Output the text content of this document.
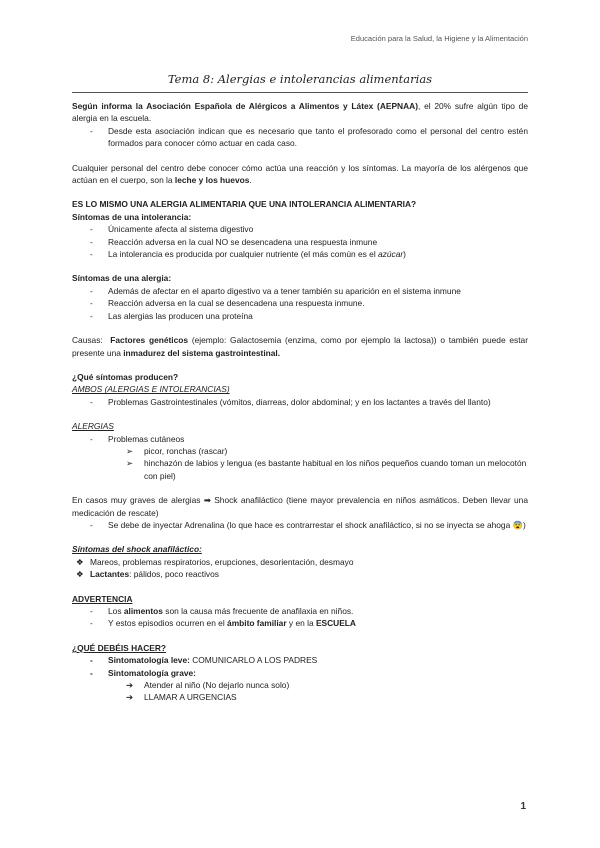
Educación para la Salud, la Higiene y la Alimentación
Tema 8: Alergias e intolerancias alimentarias

Según informa la Asociación Española de Alérgicos a Alimentos y Látex (AEPNAA), el 20% sufre algún tipo de alergia en la escuela.

-	Desde esta asociación indican que es necesario que tanto el profesorado como el personal del centro estén formados para conocer cómo actuar en cada caso.

Cualquier personal del centro debe conocer cómo actúa una reacción y los síntomas. La mayoría de los alérgenos que actúan en el cuerpo, son la leche y los huevos.

ES LO MISMO UNA ALERGIA ALIMENTARIA QUE UNA INTOLERANCIA ALIMENTARIA?

Síntomas de una intolerancia:

-	Únicamente afecta al sistema digestivo
-	Reacción adversa en la cual NO se desencadena una respuesta inmune
-	La intolerancia es producida por cualquier nutriente (el más común es el azúcar)

Síntomas de una alergia:

-	Además de afectar en el aparto digestivo va a tener también su aparición en el sistema inmune
-	Reacción adversa en la cual se desencadena una respuesta inmune.
-	Las alergias las producen una proteína

Causas: Factores genéticos (ejemplo: Galactosemia (enzima, como por ejemplo la lactosa)) o también puede estar presente una inmadurez del sistema gastrointestinal.

¿Qué síntomas producen?

AMBOS (ALERGIAS E INTOLERANCIAS)

-	Problemas Gastrointestinales (vómitos, diarreas, dolor abdominal; y en los lactantes a través del llanto)

ALERGIAS

-	Problemas cutáneos
➢	picor, ronchas (rascar)
➢	hinchazón de labios y lengua (es bastante habitual en los niños pequeños cuando toman un melocotón con piel)

En casos muy graves de alergias ➡ Shock anafiláctico (tiene mayor prevalencia en niños asmáticos. Deben llevar una medicación de rescate)

-	Se debe de inyectar Adrenalina (lo que hace es contrarrestar el shock anafiláctico, si no se inyecta se ahoga 😨)

Síntomas del shock anafiláctico:

❖ Mareos, problemas respiratorios, erupciones, desorientación, desmayo
❖ Lactantes: pálidos, poco reactivos

ADVERTENCIA

-	Los alimentos son la causa más frecuente de anafilaxia en niños.
-	Y estos episodios ocurren en el ámbito familiar y en la ESCUELA

¿QUÉ DEBÉIS HACER?

-	Sintomatología leve: COMUNICARLO A LOS PADRES
-	Sintomatología grave:
➔	Atender al niño (No dejarlo nunca solo)
➔	LLAMAR A URGENCIAS
1
